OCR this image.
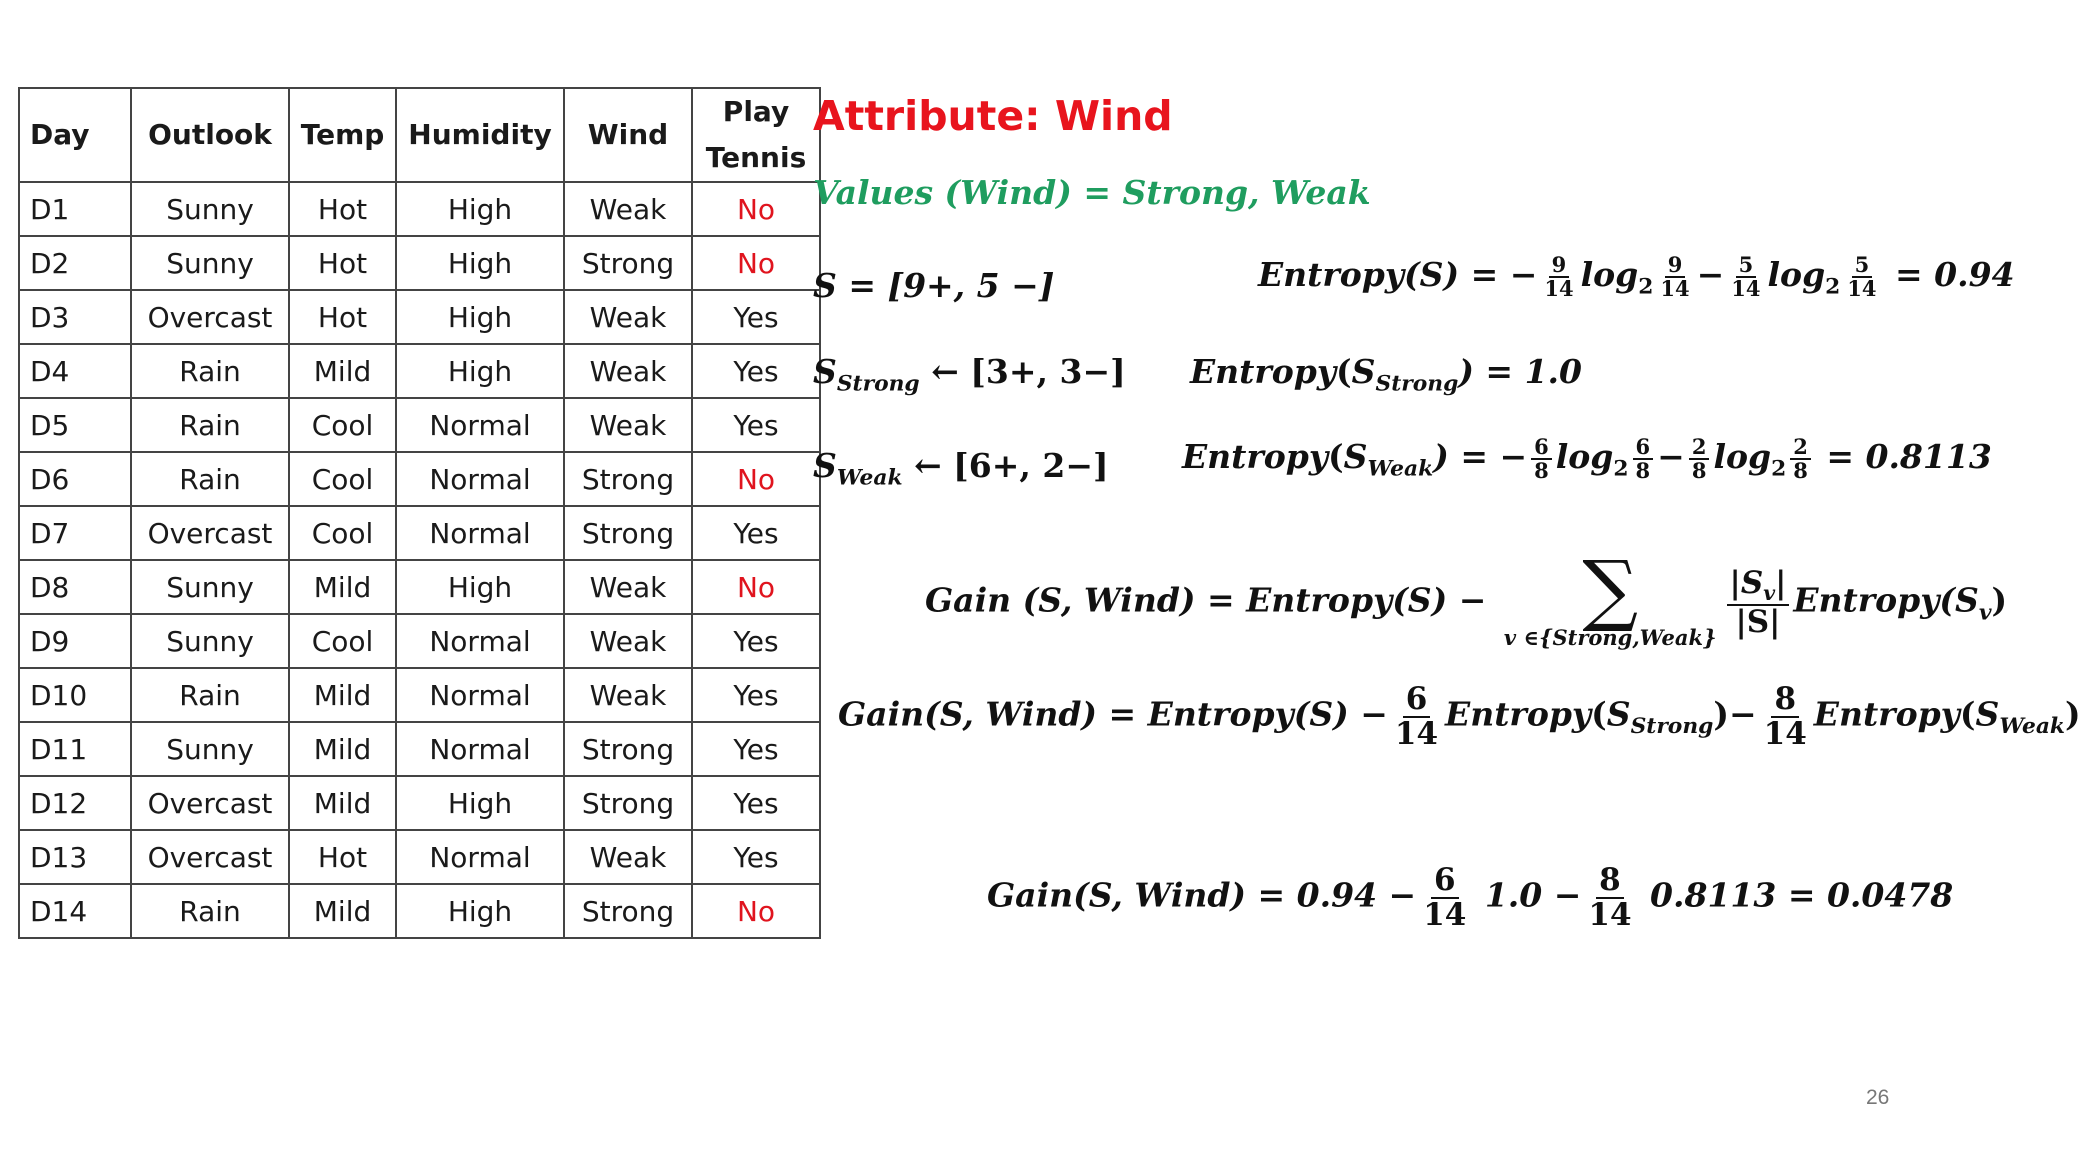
Day	Outlook	Temp	Humidity	Wind	Play
Tennis
D1	Sunny	Hot	High	Weak	No
D2	Sunny	Hot	High	Strong	No
D3	Overcast	Hot	High	Weak	Yes
D4	Rain	Mild	High	Weak	Yes
D5	Rain	Cool	Normal	Weak	Yes
D6	Rain	Cool	Normal	Strong	No
D7	Overcast	Cool	Normal	Strong	Yes
D8	Sunny	Mild	High	Weak	No
D9	Sunny	Cool	Normal	Weak	Yes
D10	Rain	Mild	Normal	Weak	Yes
D11	Sunny	Mild	Normal	Strong	Yes
D12	Overcast	Mild	High	Strong	Yes
D13	Overcast	Hot	Normal	Weak	Yes
D14	Rain	Mild	High	Strong	No
Attribute: Wind
Values (Wind) = Strong, Weak
S = [9+, 5 −]	Entropy(S) = − $\frac{9}{14} \log_2 \frac{9}{14} - \frac{5}{14} \log_2 \frac{5}{14} = 0.94$
$S_{Strong}$ ← [3+, 3−] $Entropy(S_{Strong}) = 1.0$
$S_{Weak}$ ← [6+, 2−] $Entropy(S_{Weak})$ = − $\frac{6}{8} \log_2 \frac{6}{8} - \frac{2}{8} \log_2 \frac{2}{8} = 0.8113$
Gain (S, Wind) = Entropy(S) − ∑
v ∈{Strong,Weak} $\frac{|S_v|}{|S|}$ $Entropy(S_v)$
Gain(S, Wind) = Entropy(S) − $\frac{6}{14}$ $Entropy(S_{Strong})- \frac{8}{14}$ $Entropy(S_{Weak})$
Gain(S, Wind) = $0.94 - \frac{6}{14} 1.0 - \frac{8}{14} 0.8113 = 0.0478$
26
